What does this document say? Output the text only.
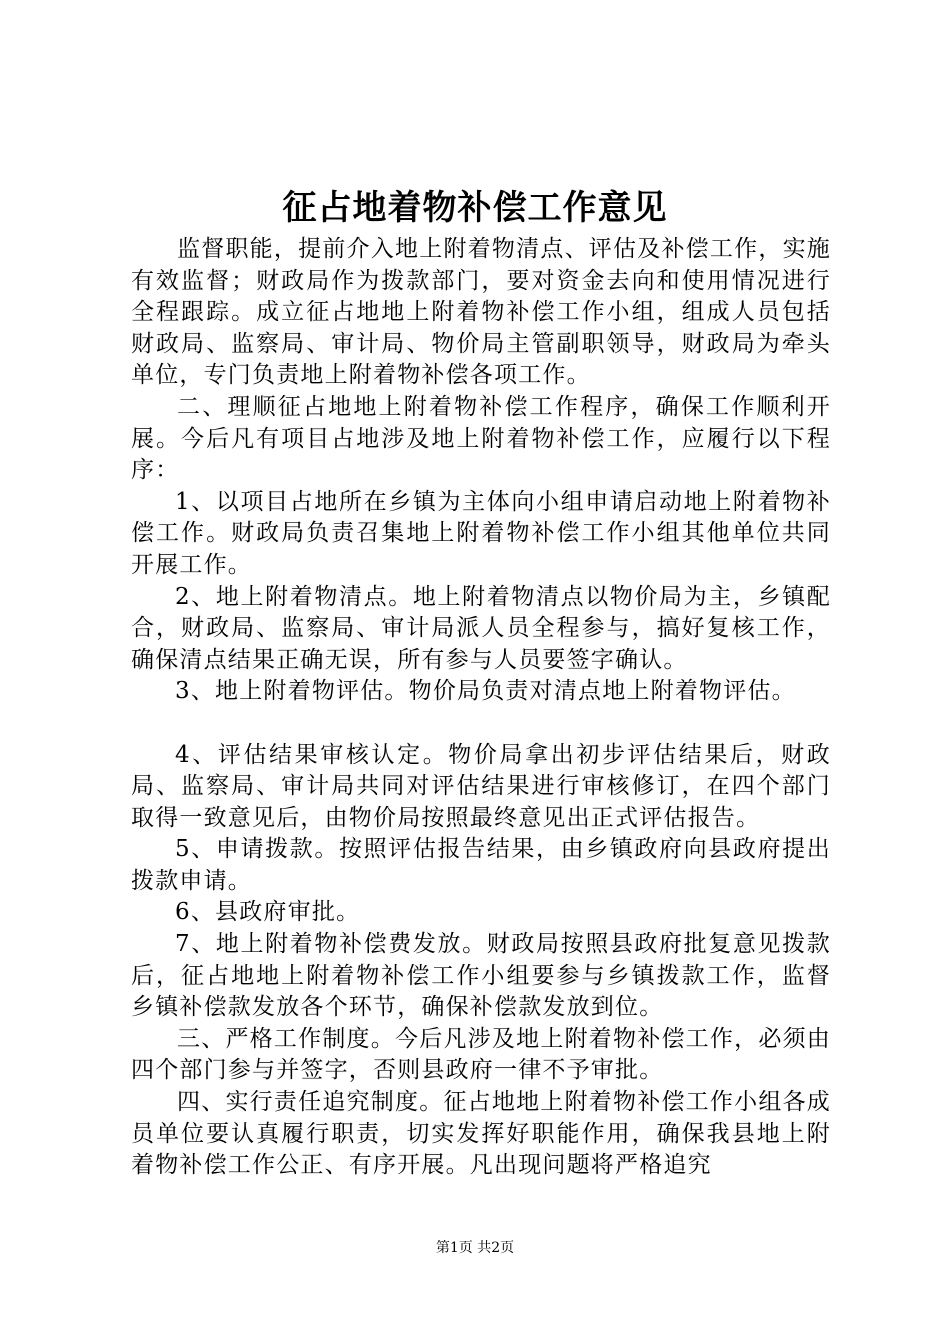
征占地着物补偿工作意见

监督职能，提前介入地上附着物清点、评估及补偿工作，实施有效监督；财政局作为拨款部门，要对资金去向和使用情况进行全程跟踪。成立征占地地上附着物补偿工作小组，组成人员包括财政局、监察局、审计局、物价局主管副职领导，财政局为牵头单位，专门负责地上附着物补偿各项工作。

二、理顺征占地地上附着物补偿工作程序，确保工作顺利开展。今后凡有项目占地涉及地上附着物补偿工作，应履行以下程序：

1、以项目占地所在乡镇为主体向小组申请启动地上附着物补偿工作。财政局负责召集地上附着物补偿工作小组其他单位共同开展工作。

2、地上附着物清点。地上附着物清点以物价局为主，乡镇配合，财政局、监察局、审计局派人员全程参与，搞好复核工作，确保清点结果正确无误，所有参与人员要签字确认。

3、地上附着物评估。物价局负责对清点地上附着物评估。

4、评估结果审核认定。物价局拿出初步评估结果后，财政局、监察局、审计局共同对评估结果进行审核修订，在四个部门取得一致意见后，由物价局按照最终意见出正式评估报告。

5、申请拨款。按照评估报告结果，由乡镇政府向县政府提出拨款申请。

6、县政府审批。

7、地上附着物补偿费发放。财政局按照县政府批复意见拨款后，征占地地上附着物补偿工作小组要参与乡镇拨款工作，监督乡镇补偿款发放各个环节，确保补偿款发放到位。

三、严格工作制度。今后凡涉及地上附着物补偿工作，必须由四个部门参与并签字，否则县政府一律不予审批。

四、实行责任追究制度。征占地地上附着物补偿工作小组各成员单位要认真履行职责，切实发挥好职能作用，确保我县地上附着物补偿工作公正、有序开展。凡出现问题将严格追究

第1页 共2页
